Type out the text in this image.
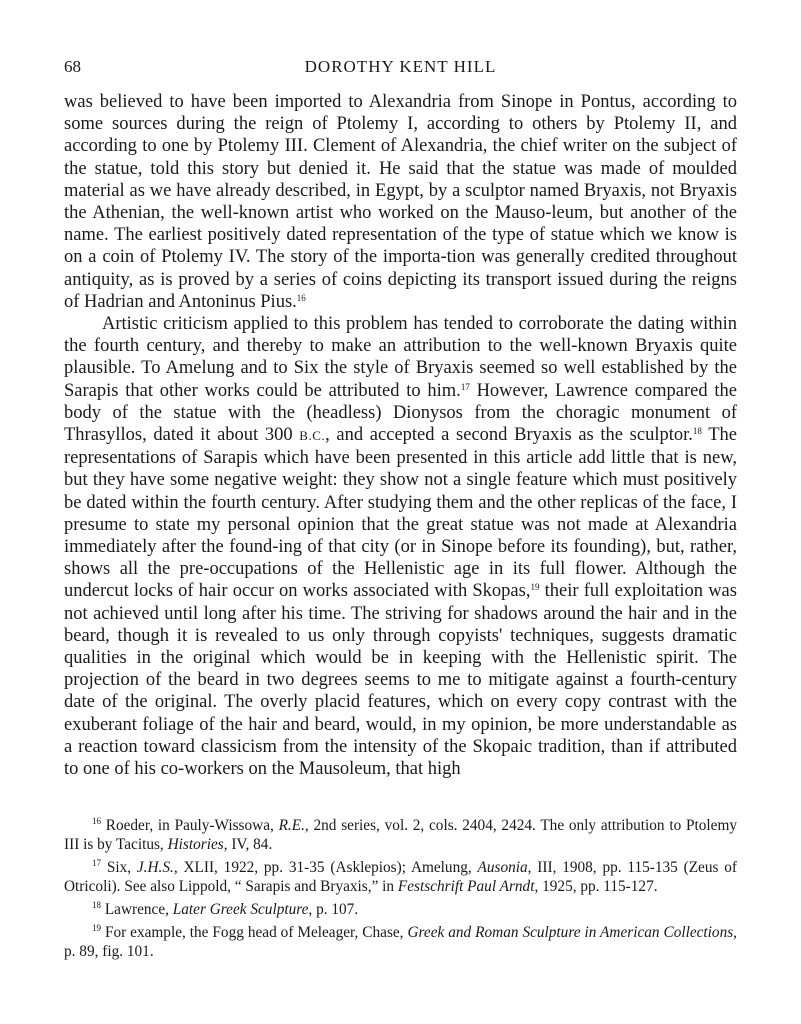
68	DOROTHY KENT HILL

was believed to have been imported to Alexandria from Sinope in Pontus, according to some sources during the reign of Ptolemy I, according to others by Ptolemy II, and according to one by Ptolemy III. Clement of Alexandria, the chief writer on the subject of the statue, told this story but denied it. He said that the statue was made of moulded material as we have already described, in Egypt, by a sculptor named Bryaxis, not Bryaxis the Athenian, the well-known artist who worked on the Mauso-leum, but another of the name. The earliest positively dated representation of the type of statue which we know is on a coin of Ptolemy IV. The story of the importa-tion was generally credited throughout antiquity, as is proved by a series of coins depicting its transport issued during the reigns of Hadrian and Antoninus Pius.$^{16}$

Artistic criticism applied to this problem has tended to corroborate the dating within the fourth century, and thereby to make an attribution to the well-known Bryaxis quite plausible. To Amelung and to Six the style of Bryaxis seemed so well established by the Sarapis that other works could be attributed to him.$^{17}$ However, Lawrence compared the body of the statue with the (headless) Dionysos from the choragic monument of Thrasyllos, dated it about 300 B.C., and accepted a second Bryaxis as the sculptor.$^{18}$ The representations of Sarapis which have been presented in this article add little that is new, but they have some negative weight: they show not a single feature which must positively be dated within the fourth century. After studying them and the other replicas of the face, I presume to state my personal opinion that the great statue was not made at Alexandria immediately after the found-ing of that city (or in Sinope before its founding), but, rather, shows all the pre-occupations of the Hellenistic age in its full flower. Although the undercut locks of hair occur on works associated with Skopas,$^{19}$ their full exploitation was not achieved until long after his time. The striving for shadows around the hair and in the beard, though it is revealed to us only through copyists' techniques, suggests dramatic qualities in the original which would be in keeping with the Hellenistic spirit. The projection of the beard in two degrees seems to me to mitigate against a fourth-century date of the original. The overly placid features, which on every copy contrast with the exuberant foliage of the hair and beard, would, in my opinion, be more understandable as a reaction toward classicism from the intensity of the Skopaic tradition, than if attributed to one of his co-workers on the Mausoleum, that high

$^{16}$ Roeder, in Pauly-Wissowa, R.E., 2nd series, vol. 2, cols. 2404, 2424. The only attribution to Ptolemy III is by Tacitus, Histories, IV, 84.

$^{17}$ Six, J.H.S., XLII, 1922, pp. 31-35 (Asklepios); Amelung, Ausonia, III, 1908, pp. 115-135 (Zeus of Otricoli). See also Lippold, “ Sarapis and Bryaxis,” in Festschrift Paul Arndt, 1925, pp. 115-127.

$^{18}$ Lawrence, Later Greek Sculpture, p. 107.

$^{19}$ For example, the Fogg head of Meleager, Chase, Greek and Roman Sculpture in American Collections, p. 89, fig. 101.
